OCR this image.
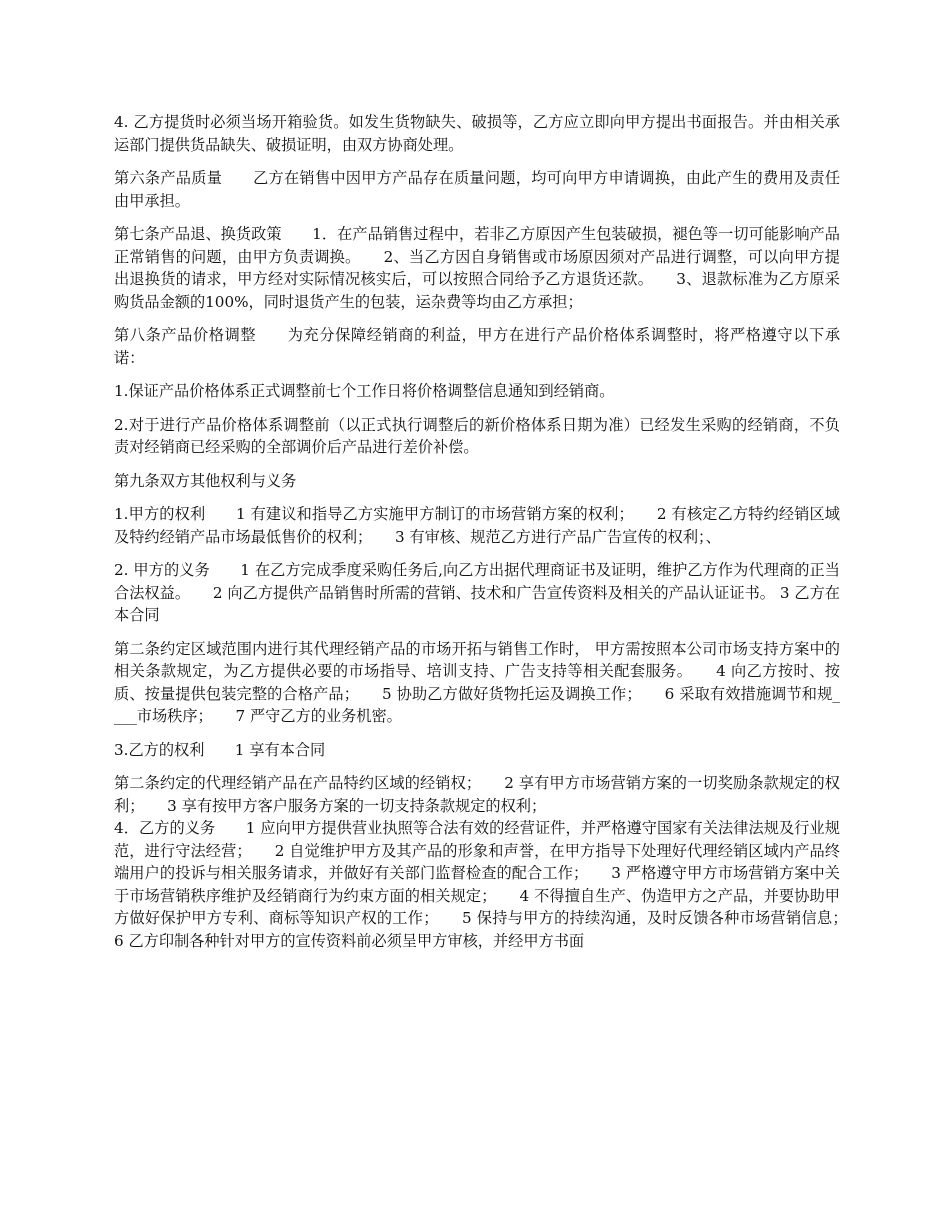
4. 乙方提货时必须当场开箱验货。如发生货物缺失、破损等，乙方应立即向甲方提出书面报告。并由相关承运部门提供货品缺失、破损证明，由双方协商处理。

第六条产品质量　　乙方在销售中因甲方产品存在质量问题，均可向甲方申请调换，由此产生的费用及责任由甲承担。

第七条产品退、换货政策　　1．在产品销售过程中，若非乙方原因产生包装破损，褪色等一切可能影响产品正常销售的问题，由甲方负责调换。　　2、当乙方因自身销售或市场原因须对产品进行调整，可以向甲方提出退换货的请求，甲方经对实际情况核实后，可以按照合同给予乙方退货还款。　　3、退款标准为乙方原采购货品金额的100%，同时退货产生的包装，运杂费等均由乙方承担；

第八条产品价格调整　　为充分保障经销商的利益，甲方在进行产品价格体系调整时，将严格遵守以下承诺：

1.保证产品价格体系正式调整前七个工作日将价格调整信息通知到经销商。

2.对于进行产品价格体系调整前（以正式执行调整后的新价格体系日期为准）已经发生采购的经销商，不负责对经销商已经采购的全部调价后产品进行差价补偿。

第九条双方其他权利与义务

1.甲方的权利　　1 有建议和指导乙方实施甲方制订的市场营销方案的权利；　　2 有核定乙方特约经销区域及特约经销产品市场最低售价的权利；　　3 有审核、规范乙方进行产品广告宣传的权利；、

2. 甲方的义务　　1 在乙方完成季度采购任务后,向乙方出据代理商证书及证明，维护乙方作为代理商的正当合法权益。　　2 向乙方提供产品销售时所需的营销、技术和广告宣传资料及相关的产品认证证书。 3 乙方在本合同

第二条约定区域范围内进行其代理经销产品的市场开拓与销售工作时， 甲方需按照本公司市场支持方案中的相关条款规定，为乙方提供必要的市场指导、培训支持、广告支持等相关配套服务。　　4 向乙方按时、按质、按量提供包装完整的合格产品；　　5 协助乙方做好货物托运及调换工作；　　6 采取有效措施调节和规____市场秩序；　　7 严守乙方的业务机密。

3.乙方的权利　　1 享有本合同

第二条约定的代理经销产品在产品特约区域的经销权；　　2 享有甲方市场营销方案的一切奖励条款规定的权利；　　3 享有按甲方客户服务方案的一切支持条款规定的权利；

4．乙方的义务　　1 应向甲方提供营业执照等合法有效的经营证件，并严格遵守国家有关法律法规及行业规范，进行守法经营；　　2 自觉维护甲方及其产品的形象和声誉，在甲方指导下处理好代理经销区域内产品终端用户的投诉与相关服务请求，并做好有关部门监督检查的配合工作；　　3 严格遵守甲方市场营销方案中关于市场营销秩序维护及经销商行为约束方面的相关规定；　　4 不得擅自生产、伪造甲方之产品，并要协助甲方做好保护甲方专利、商标等知识产权的工作；　　5 保持与甲方的持续沟通，及时反馈各种市场营销信息；　　6 乙方印制各种针对甲方的宣传资料前必须呈甲方审核，并经甲方书面
